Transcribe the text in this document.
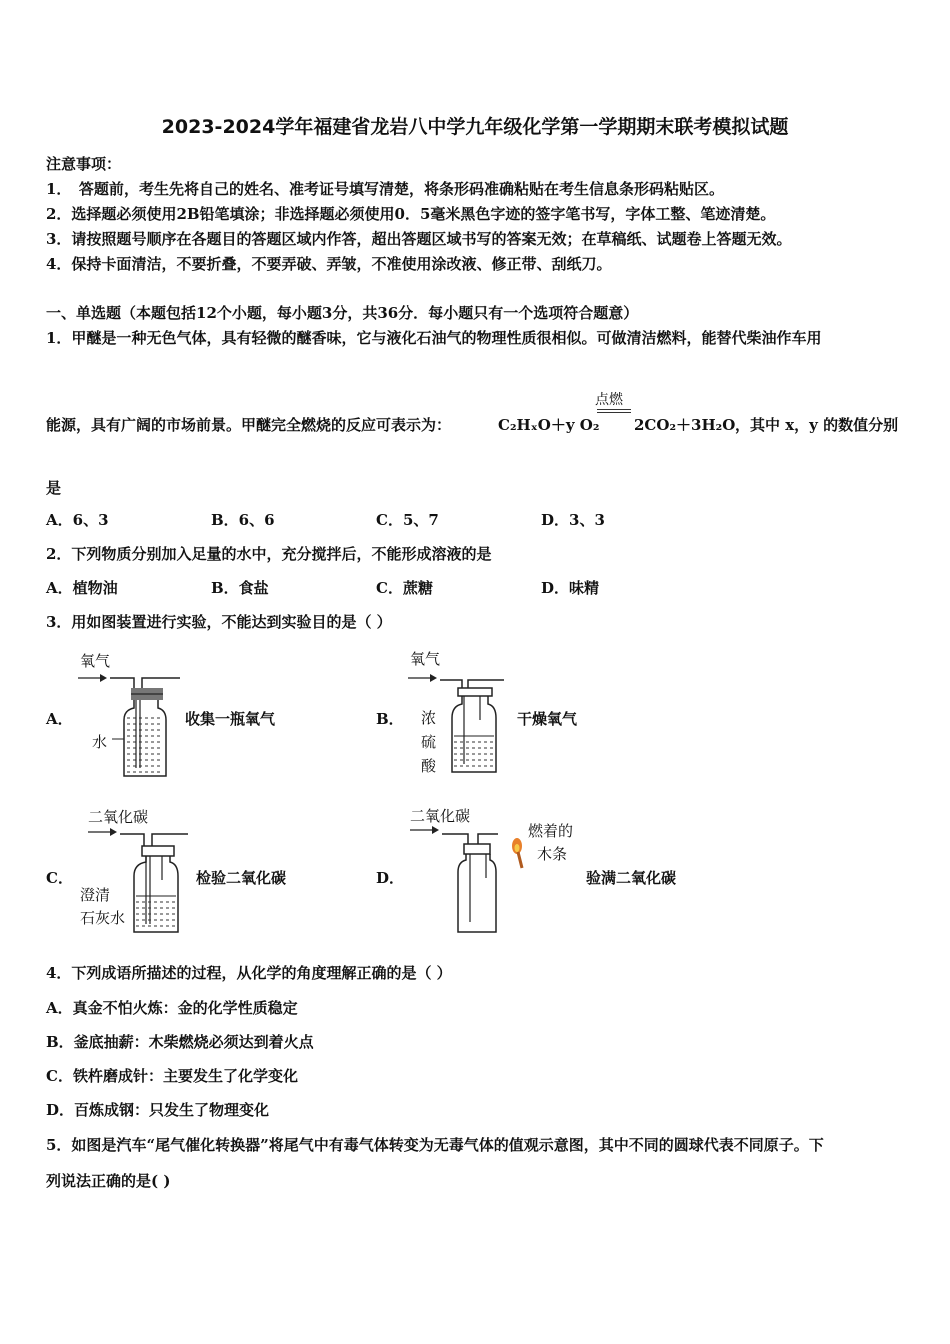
2023-2024学年福建省龙岩八中学九年级化学第一学期期末联考模拟试题
注意事项：
1．　答题前，考生先将自己的姓名、准考证号填写清楚，将条形码准确粘贴在考生信息条形码粘贴区。
2．选择题必须使用2B铅笔填涂；非选择题必须使用0．5毫米黑色字迹的签字笔书写，字体工整、笔迹清楚。
3．请按照题号顺序在各题目的答题区域内作答，超出答题区域书写的答案无效；在草稿纸、试题卷上答题无效。
4．保持卡面清洁，不要折叠，不要弄破、弄皱，不准使用涂改液、修正带、刮纸刀。
一、单选题（本题包括12个小题，每小题3分，共36分．每小题只有一个选项符合题意）
1．甲醚是一种无色气体，具有轻微的醚香味，它与液化石油气的物理性质很相似。可做清洁燃料，能替代柴油作车用
能源，具有广阔的市场前景。甲醚完全燃烧的反应可表示为：	C₂HₓO＋y O₂
点燃
2CO₂＋3H₂O ，其中 x，y 的数值分别
是
A．6、3	B．6、6	C．5、7	D．3、3
2．下列物质分别加入足量的水中，充分搅拌后，不能形成溶液的是
A．植物油	B．食盐	C．蔗糖	D．味精
3．用如图装置进行实验，不能达到实验目的是（ ）
A．
氧气
水
收集一瓶氧气	B．
氧气
浓
硫
酸
干燥氧气
C．
二氧化碳
澄清
石灰水
检验二氧化碳	D．
二氧化碳
燃着的
木条
验满二氧化碳
4．下列成语所描述的过程，从化学的角度理解正确的是（ ）
A．真金不怕火炼：金的化学性质稳定
B．釜底抽薪：木柴燃烧必须达到着火点
C．铁杵磨成针：主要发生了化学变化
D．百炼成钢：只发生了物理变化
5．如图是汽车“尾气催化转换器”将尾气中有毒气体转变为无毒气体的值观示意图，其中不同的圆球代表不同原子。下
列说法正确的是( )
